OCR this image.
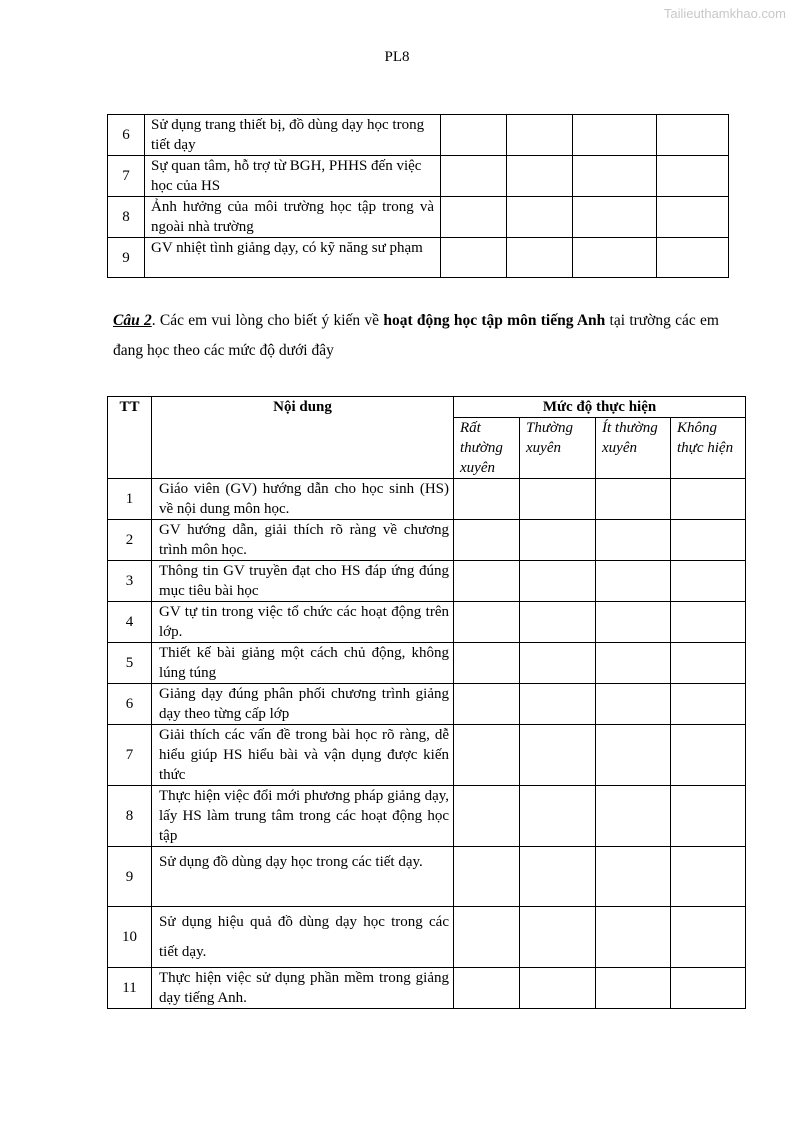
Tailieuthamkhao.com
PL8
6	Sử dụng trang thiết bị, đồ dùng dạy học trong tiết dạy				
7	Sự quan tâm, hỗ trợ từ BGH, PHHS đến việc học của HS				
8	Ảnh hưởng của môi trường học tập trong và ngoài nhà trường				
9	GV nhiệt tình giảng dạy, có kỹ năng sư phạm				
Câu 2. Các em vui lòng cho biết ý kiến về hoạt động học tập môn tiếng Anh tại trường các em đang học theo các mức độ dưới đây
TT	Nội dung	Mức độ thực hiện			
		Rất thường xuyên	Thường xuyên	Ít thường xuyên	Không thực hiện
1	Giáo viên (GV) hướng dẫn cho học sinh (HS) về nội dung môn học.				
2	GV hướng dẫn, giải thích rõ ràng về chương trình môn học.				
3	Thông tin GV truyền đạt cho HS đáp ứng đúng mục tiêu bài học				
4	GV tự tin trong việc tổ chức các hoạt động trên lớp.				
5	Thiết kế bài giảng một cách chủ động, không lúng túng				
6	Giảng dạy đúng phân phối chương trình giảng dạy theo từng cấp lớp				
7	Giải thích các vấn đề trong bài học rõ ràng, dễ hiểu giúp HS hiểu bài và vận dụng được kiến thức				
8	Thực hiện việc đổi mới phương pháp giảng dạy, lấy HS làm trung tâm trong các hoạt động học tập				
9	Sử dụng đồ dùng dạy học trong các tiết dạy.				
10	Sử dụng hiệu quả đồ dùng dạy học trong các tiết dạy.				
11	Thực hiện việc sử dụng phần mềm trong giảng dạy tiếng Anh.				
